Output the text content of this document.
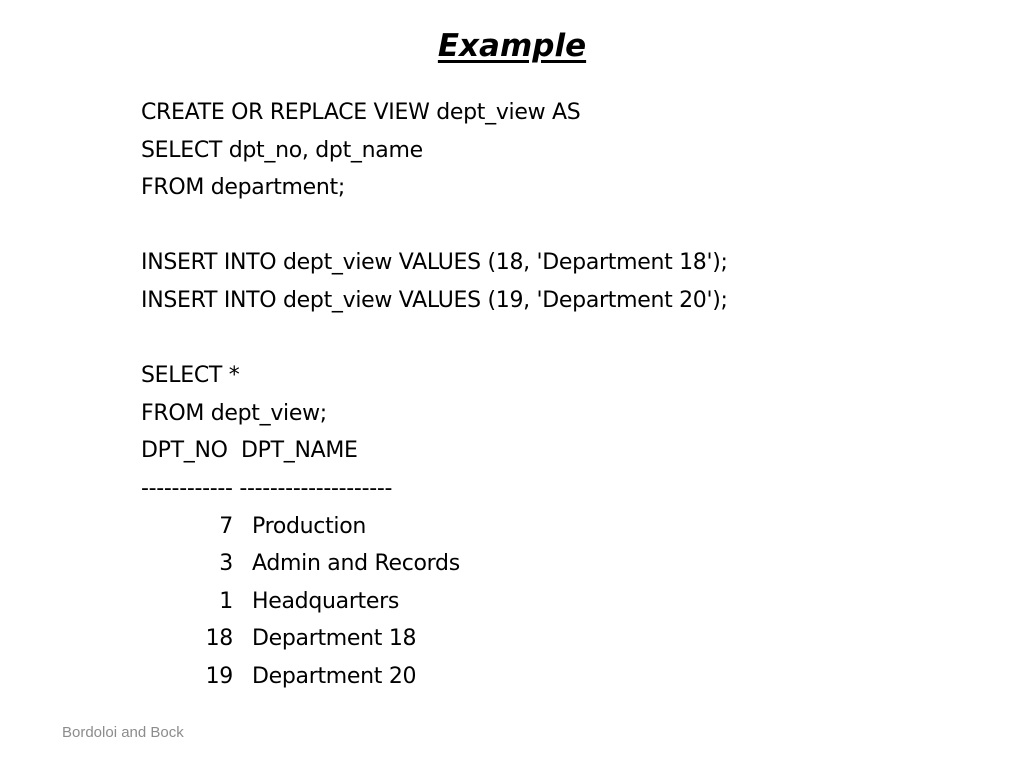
Example
CREATE OR REPLACE VIEW dept_view AS
SELECT dpt_no, dpt_name
FROM department;
INSERT INTO dept_view VALUES (18, 'Department 18');
INSERT INTO dept_view VALUES (19, 'Department 20');
SELECT *
FROM dept_view;
DPT_NO  DPT_NAME
------------ --------------------
7 Production
3 Admin and Records
1 Headquarters
18 Department 18
19 Department 20
Bordoloi and Bock
